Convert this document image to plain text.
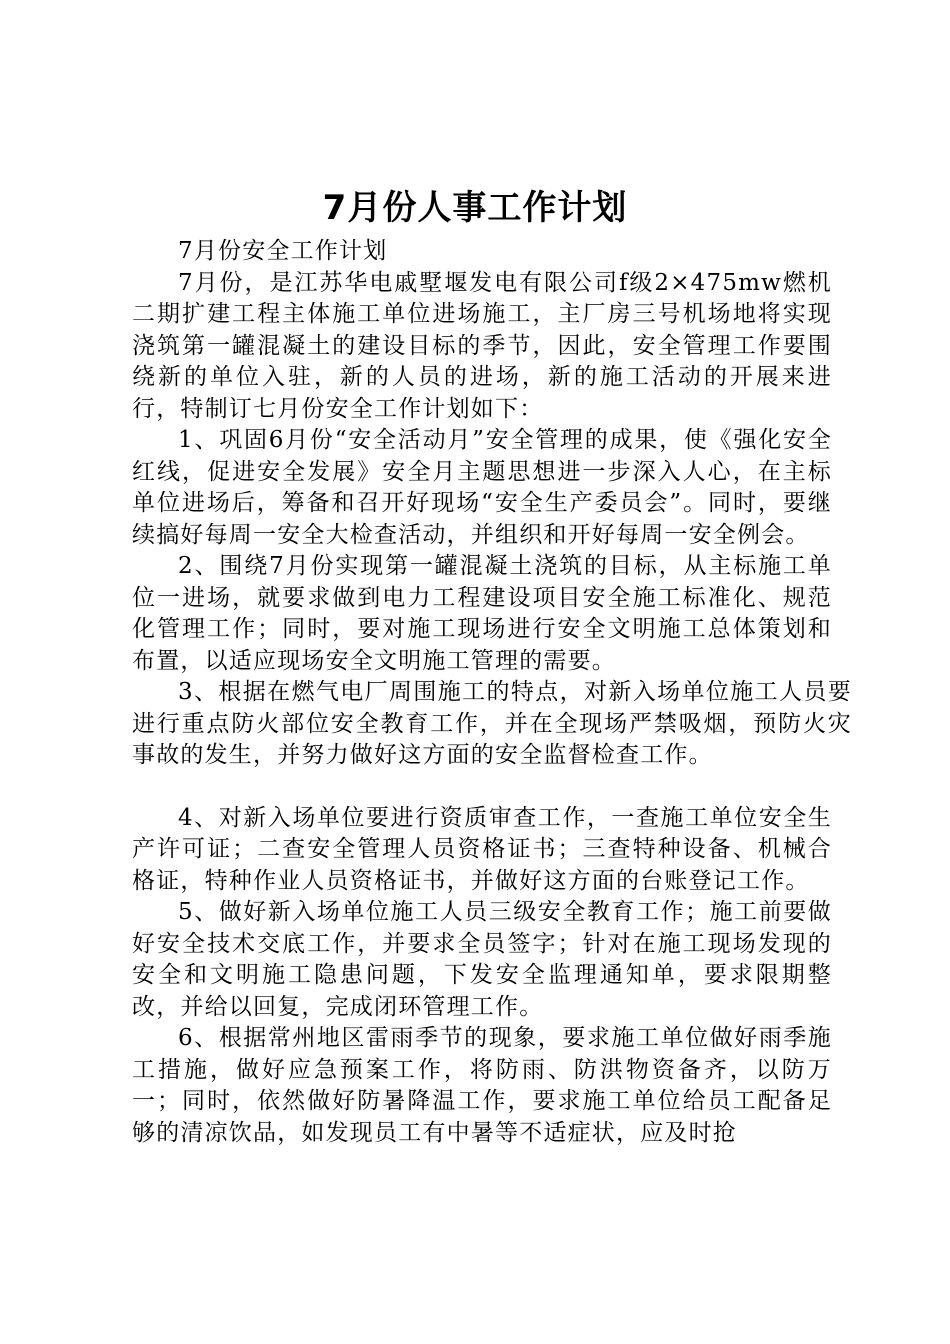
7月份人事工作计划

7月份安全工作计划

7月份，是江苏华电戚墅堰发电有限公司f级2×475mw燃机二期扩建工程主体施工单位进场施工，主厂房三号机场地将实现浇筑第一罐混凝土的建设目标的季节，因此，安全管理工作要围绕新的单位入驻，新的人员的进场，新的施工活动的开展来进行，特制订七月份安全工作计划如下：

1、巩固6月份“安全活动月”安全管理的成果，使《强化安全红线，促进安全发展》安全月主题思想进一步深入人心，在主标单位进场后，筹备和召开好现场“安全生产委员会”。同时，要继续搞好每周一安全大检查活动，并组织和开好每周一安全例会。

2、围绕7月份实现第一罐混凝土浇筑的目标，从主标施工单位一进场，就要求做到电力工程建设项目安全施工标准化、规范化管理工作；同时，要对施工现场进行安全文明施工总体策划和布置，以适应现场安全文明施工管理的需要。

3、根据在燃气电厂周围施工的特点，对新入场单位施工人员要进行重点防火部位安全教育工作，并在全现场严禁吸烟，预防火灾事故的发生，并努力做好这方面的安全监督检查工作。

4、对新入场单位要进行资质审查工作，一查施工单位安全生产许可证；二查安全管理人员资格证书；三查特种设备、机械合格证，特种作业人员资格证书，并做好这方面的台账登记工作。

5、做好新入场单位施工人员三级安全教育工作；施工前要做好安全技术交底工作，并要求全员签字；针对在施工现场发现的安全和文明施工隐患问题，下发安全监理通知单，要求限期整改，并给以回复，完成闭环管理工作。

6、根据常州地区雷雨季节的现象，要求施工单位做好雨季施工措施，做好应急预案工作，将防雨、防洪物资备齐，以防万一；同时，依然做好防暑降温工作，要求施工单位给员工配备足够的清凉饮品，如发现员工有中暑等不适症状，应及时抢
